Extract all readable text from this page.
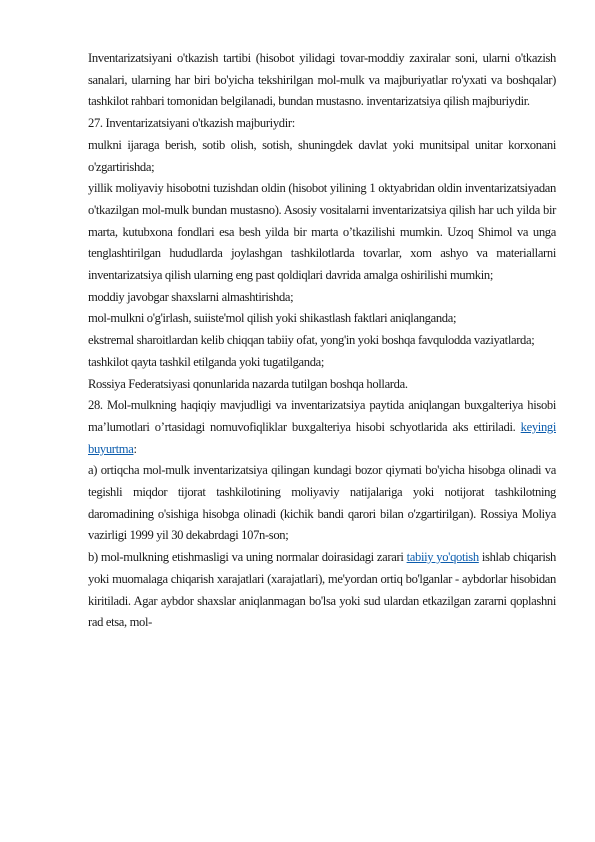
Inventarizatsiyani o'tkazish tartibi (hisobot yilidagi tovar-moddiy zaxiralar soni, ularni o'tkazish sanalari, ularning har biri bo'yicha tekshirilgan mol-mulk va majburiyatlar ro'yxati va boshqalar) tashkilot rahbari tomonidan belgilanadi, bundan mustasno. inventarizatsiya qilish majburiydir.

27. Inventarizatsiyani o'tkazish majburiydir:

mulkni ijaraga berish, sotib olish, sotish, shuningdek davlat yoki munitsipal unitar korxonani o'zgartirishda;

yillik moliyaviy hisobotni tuzishdan oldin (hisobot yilining 1 oktyabridan oldin inventarizatsiyadan o'tkazilgan mol-mulk bundan mustasno). Asosiy vositalarni inventarizatsiya qilish har uch yilda bir marta, kutubxona fondlari esa besh yilda bir marta o’tkazilishi mumkin. Uzoq Shimol va unga tenglashtirilgan hududlarda joylashgan tashkilotlarda tovarlar, xom ashyo va materiallarni inventarizatsiya qilish ularning eng past qoldiqlari davrida amalga oshirilishi mumkin;

moddiy javobgar shaxslarni almashtirishda;

mol-mulkni o'g'irlash, suiiste'mol qilish yoki shikastlash faktlari aniqlanganda;

ekstremal sharoitlardan kelib chiqqan tabiiy ofat, yong'in yoki boshqa favqulodda vaziyatlarda;

tashkilot qayta tashkil etilganda yoki tugatilganda;

Rossiya Federatsiyasi qonunlarida nazarda tutilgan boshqa hollarda.

28. Mol-mulkning haqiqiy mavjudligi va inventarizatsiya paytida aniqlangan buxgalteriya hisobi ma’lumotlari o’rtasidagi nomuvofiqliklar buxgalteriya hisobi schyotlarida aks ettiriladi. keyingi buyurtma:

a) ortiqcha mol-mulk inventarizatsiya qilingan kundagi bozor qiymati bo'yicha hisobga olinadi va tegishli miqdor tijorat tashkilotining moliyaviy natijalariga yoki notijorat tashkilotning daromadining o'sishiga hisobga olinadi (kichik bandi qarori bilan o'zgartirilgan). Rossiya Moliya vazirligi 1999 yil 30 dekabrdagi 107n-son;

b) mol-mulkning etishmasligi va uning normalar doirasidagi zarari tabiiy yo'qotish ishlab chiqarish yoki muomalaga chiqarish xarajatlari (xarajatlari), me'yordan ortiq bo'lganlar - aybdorlar hisobidan kiritiladi. Agar aybdor shaxslar aniqlanmagan bo'lsa yoki sud ulardan etkazilgan zararni qoplashni rad etsa, mol-
